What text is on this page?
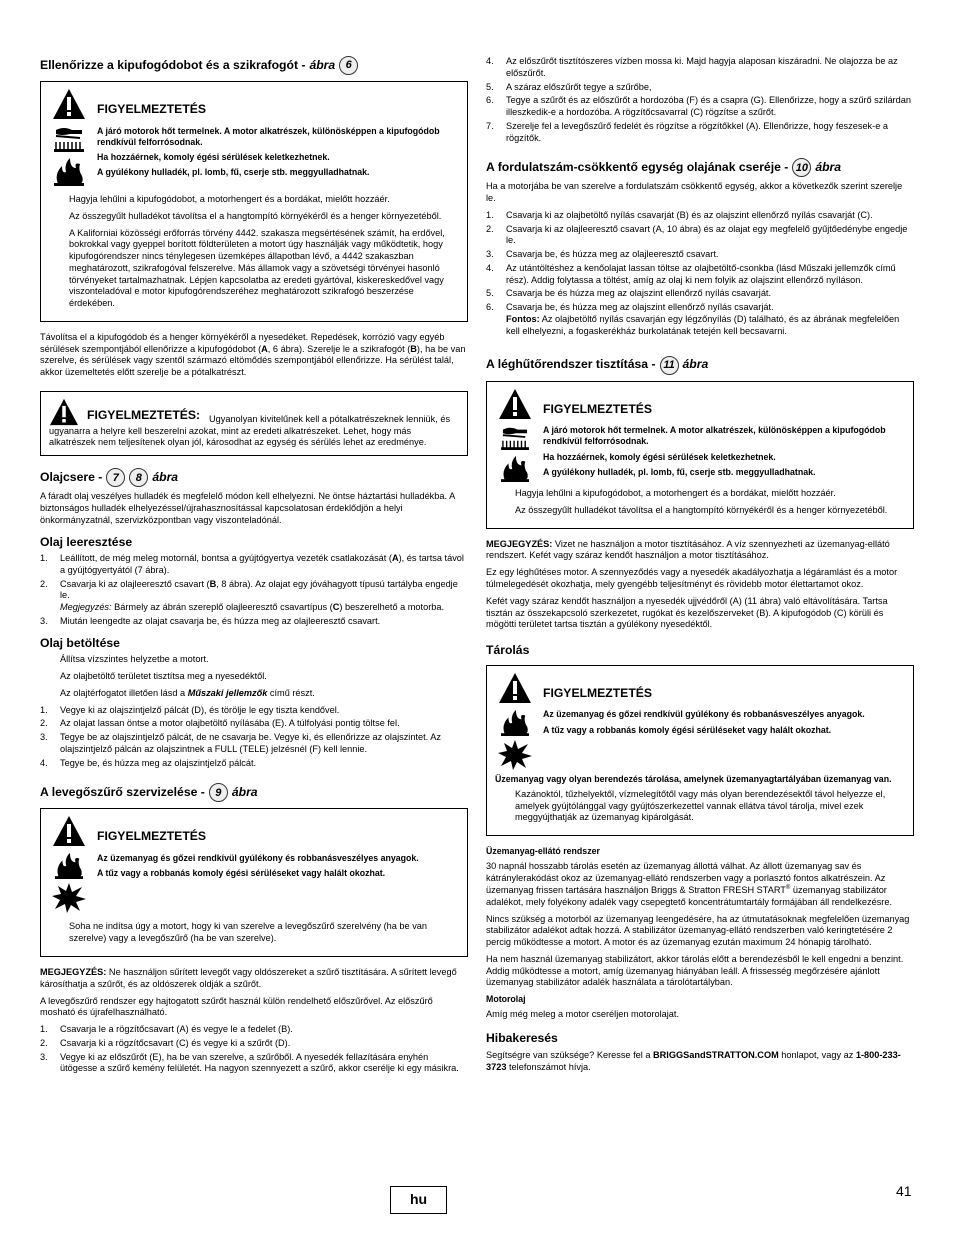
Ellenőrizze a kipufogódobot és a szikrafogót - ábra 6
FIGYELMEZTETÉS
A járó motorok hőt termelnek. A motor alkatrészek, különösképpen a kipufogódob rendkívül felforrósodnak.
Ha hozzáérnek, komoly égési sérülések keletkezhetnek.
A gyúlékony hulladék, pl. lomb, fű, cserje stb. meggyulladhatnak.

Hagyja lehűlni a kipufogódobot, a motorhengert és a bordákat, mielőtt hozzáér.

Az összegyűlt hulladékot távolítsa el a hangtompító környékéről és a henger környezetéből.

A Kaliforniai közösségi erőforrás törvény 4442. szakasza megsértésének számít, ha erdővel, bokrokkal vagy gyeppel borított földterületen a motort úgy használják vagy működtetik, hogy kipufogórendszer nincs ténylegesen üzemképes állapotban lévő, a 4442 szakaszban meghatározott, szikrafogóval felszerelve. Más államok vagy a szövetségi törvényei hasonló törvényeket tartalmazhatnak. Lépjen kapcsolatba az eredeti gyártóval, kiskereskedővel vagy viszonteladóval e motor kipufogórendszeréhez meghatározott szikrafogó beszerzése érdekében.

Távolítsa el a kipufogódob és a henger környékéről a nyesedéket. Repedések, korrózió vagy egyéb sérülések szempontjából ellenőrizze a kipufogódobot (A, 6 ábra). Szerelje le a szikrafogót (B), ha be van szerelve, és sérülések vagy szentől származó eltömődés szempontjából ellenőrizze. Ha sérülést talál, akkor üzemeltetés előtt szerelje be a pótalkatrészt.

FIGYELMEZTETÉS: Ugyanolyan kivitelűnek kell a pótalkatrészeknek lenniük, és ugyanarra a helyre kell beszerelni azokat, mint az eredeti alkatrészeket. Lehet, hogy más alkatrészek nem teljesítenek olyan jól, károsodhat az egység és sérülés lehet az eredménye.
Olajcsere - 7	8 ábra

A fáradt olaj veszélyes hulladék és megfelelő módon kell elhelyezni. Ne öntse háztartási hulladékba. A biztonságos hulladék elhelyezéssel/újrahasznosítással kapcsolatosan érdeklődjön a helyi önkormányzatnál, szervizközpontban vagy viszonteladónál.

Olaj leeresztése
1. Leállított, de még meleg motornál, bontsa a gyújtógyertya vezeték csatlakozását (A), és tartsa távol a gyújtógyertyától (7 ábra).
2. Csavarja ki az olajleeresztő csavart (B, 8 ábra). Az olajat egy jóváhagyott típusú tartályba engedje le.
Megjegyzés: Bármely az ábrán szereplő olajleeresztő csavartípus (C) beszerelhető a motorba.
3. Miután leengedte az olajat csavarja be, és húzza meg az olajleeresztő csavart.
Olaj betöltése

Állítsa vízszintes helyzetbe a motort.

Az olajbetöltő területet tisztítsa meg a nyesedéktől.

Az olajtérfogatot illetően lásd a Műszaki jellemzők című részt.

1. Vegye ki az olajszintjelző pálcát (D), és törölje le egy tiszta kendővel.
2. Az olajat lassan öntse a motor olajbetöltő nyílásába (E). A túlfolyási pontig töltse fel.
3. Tegye be az olajszintjelző pálcát, de ne csavarja be. Vegye ki, és ellenőrizze az olajszintet. Az olajszintjelző pálcán az olajszintnek a FULL (TELE) jelzésnél (F) kell lennie.
4. Tegye be, és húzza meg az olajszintjelző pálcát.
A levegőszűrő szervizelése - 9 ábra
FIGYELMEZTETÉS
Az üzemanyag és gőzei rendkívül gyúlékony és robbanásveszélyes anyagok.
A tűz vagy a robbanás komoly égési sérüléseket vagy halált okozhat.

Soha ne indítsa úgy a motort, hogy ki van szerelve a levegőszűrő szerelvény (ha be van szerelve) vagy a levegőszűrő (ha be van szerelve).

MEGJEGYZÉS: Ne használjon sűrített levegőt vagy oldószereket a szűrő tisztítására. A sűrített levegő károsíthatja a szűrőt, és az oldószerek oldják a szűrőt.

A levegőszűrő rendszer egy hajtogatott szűrőt használ külön rendelhető előszűrővel. Az előszűrő mosható és újrafelhasználható.

1. Csavarja le a rögzítőcsavart (A) és vegye le a fedelet (B).
2. Csavarja ki a rögzítőcsavart (C) és vegye ki a szűrőt (D).
3. Vegye ki az előszűrőt (E), ha be van szerelve, a szűrőből. A nyesedék fellazítására enyhén ütögesse a szűrő kemény felületét. Ha nagyon szennyezett a szűrő, akkor cserélje ki egy másikra.
4. Az előszűrőt tisztítószeres vízben mossa ki. Majd hagyja alaposan kiszáradni. Ne olajozza be az előszűrőt.
5. A száraz előszűrőt tegye a szűrőbe,
6. Tegye a szűrőt és az előszűrőt a hordozóba (F) és a csapra (G). Ellenőrizze, hogy a szűrő szilárdan illeszkedik-e a hordozóba. A rögzítőcsavarral (C) rögzítse a szűrőt.
7. Szerelje fel a levegőszűrő fedelét és rögzítse a rögzítőkkel (A). Ellenőrizze, hogy feszesek-e a rögzítők.
A fordulatszám-csökkentő egység olajának cseréje - 10 ábra

Ha a motorjába be van szerelve a fordulatszám csökkentő egység, akkor a következők szerint szerelje le.

1. Csavarja ki az olajbetöltő nyílás csavarját (B) és az olajszint ellenőrző nyílás csavarját (C).
2. Csavarja ki az olajleeresztő csavart (A, 10 ábra) és az olajat egy megfelelő gyűjtőedénybe engedje le.
3. Csavarja be, és húzza meg az olajleeresztő csavart.
4. Az utántöltéshez a kenőolajat lassan töltse az olajbetöltő-csonkba (lásd Műszaki jellemzők című rész). Addig folytassa a töltést, amíg az olaj ki nem folyik az olajszint ellenőrző nyíláson.
5. Csavarja be és húzza meg az olajszint ellenőrző nyílás csavarját.
6. Csavarja be, és húzza meg az olajszint ellenőrző nyílás csavarját.
Fontos: Az olajbetöltő nyílás csavarján egy légzőnyílás (D) található, és az ábrának megfelelően kell elhelyezni, a fogaskerékház burkolatának tetején kell becsavarni.
A léghűtőrendszer tisztítása - 11 ábra
FIGYELMEZTETÉS
A járó motorok hőt termelnek. A motor alkatrészek, különösképpen a kipufogódob rendkívül felforrósodnak.
Ha hozzáérnek, komoly égési sérülések keletkezhetnek.
A gyúlékony hulladék, pl. lomb, fű, cserje stb. meggyulladhatnak.

Hagyja lehűlni a kipufogódobot, a motorhengert és a bordákat, mielőtt hozzáér.

Az összegyűlt hulladékot távolítsa el a hangtompító környékéről és a henger környezetéből.

MEGJEGYZÉS: Vizet ne használjon a motor tisztításához. A víz szennyezheti az üzemanyag-ellátó rendszert. Kefét vagy száraz kendőt használjon a motor tisztításához.

Ez egy léghűtéses motor. A szennyeződés vagy a nyesedék akadályozhatja a légáramlást és a motor túlmelegedését okozhatja, mely gyengébb teljesítményt és rövidebb motor élettartamot okoz.

Kefét vagy száraz kendőt használjon a nyesedék ujjvédőről (A) (11 ábra) való eltávolítására. Tartsa tisztán az összekapcsoló szerkezetet, rugókat és kezelőszerveket (B). A kipufogódob (C) körüli és mögötti területet tartsa tisztán a gyúlékony nyesedéktől.

Tárolás
FIGYELMEZTETÉS
Az üzemanyag és gőzei rendkívül gyúlékony és robbanásveszélyes anyagok.
A tűz vagy a robbanás komoly égési sérüléseket vagy halált okozhat.
Üzemanyag vagy olyan berendezés tárolása, amelynek üzemanyagtartályában üzemanyag van.

Kazánoktól, tűzhelyektől, vízmelegítőtől vagy más olyan berendezésektől távol helyezze el, amelyek gyújtólánggal vagy gyújtószerkezettel vannak ellátva távol tárolja, mivel ezek meggyújthatják az üzemanyag kipárolgását.

Üzemanyag-ellátó rendszer

30 napnál hosszabb tárolás esetén az üzemanyag állottá válhat. Az állott üzemanyag sav és kátránylerakódást okoz az üzemanyag-ellátó rendszerben vagy a porlasztó fontos alkatrészein. Az üzemanyag frissen tartására használjon Briggs & Stratton FRESH START® üzemanyag stabilizátor adalékot, mely folyékony adalék vagy csepegtető koncentrátumtartály formájában áll rendelkezésre.

Nincs szükség a motorból az üzemanyag leengedésére, ha az útmutatásoknak megfelelően üzemanyag stabilizátor adalékot adtak hozzá. A stabilizátor üzemanyag-ellátó rendszerben való keringtetésére 2 percig működtesse a motort. A motor és az üzemanyag ezután maximum 24 hónapig tárolható.

Ha nem használ üzemanyag stabilizátort, akkor tárolás előtt a berendezésből le kell engedni a benzint. Addig működtesse a motort, amíg üzemanyag hiányában leáll. A frissesség megőrzésére ajánlott üzemanyag stabilizátor adalék használata a tárolótartályban.

Motorolaj

Amíg még meleg a motor cseréljen motorolajat.

Hibakeresés

Segítségre van szüksége? Keresse fel a BRIGGSandSTRATTON.COM honlapot, vagy az 1-800-233-3723 telefonszámot hívja.

hu
41
